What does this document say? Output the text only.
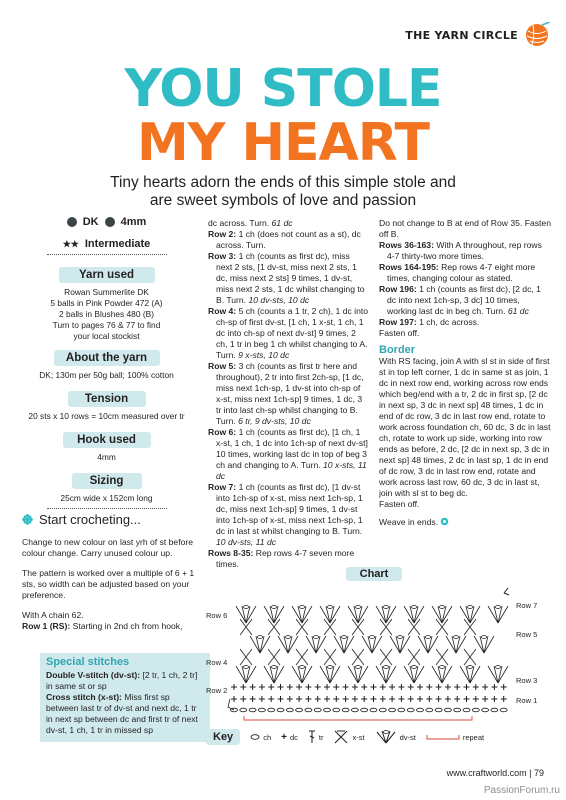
THE YARN CIRCLE
YOU STOLE
MY HEART
Tiny hearts adorn the ends of this simple stole and
are sweet symbols of love and passion
DK 4mm
★★ Intermediate
Yarn used
Rowan Summerlite DK
5 balls in Pink Powder 472 (A)
2 balls in Blushes 480 (B)
Turn to pages 76 & 77 to find
your local stockist
About the yarn
DK; 130m per 50g ball; 100% cotton
Tension
20 sts x 10 rows = 10cm measured over tr
Hook used
4mm
Sizing
25cm wide x 152cm long
Start crocheting...

Change to new colour on last yrh of st before colour change. Carry unused colour up.

The pattern is worked over a multiple of 6 + 1 sts, so width can be adjusted based on your preference.

With A chain 62.

Row 1 (RS): Starting in 2nd ch from hook,
Special stitches
Double V-stitch (dv-st): [2 tr, 1 ch, 2 tr] in same st or sp
Cross stitch (x-st): Miss first sp between last tr of dv-st and next dc, 1 tr in next sp between dc and first tr of next dv-st, 1 ch, 1 tr in missed sp

dc across. Turn. 61 dc

Row 2: 1 ch (does not count as a st), dc across. Turn.

Row 3: 1 ch (counts as first dc), miss next 2 sts, [1 dv-st, miss next 2 sts, 1 dc, miss next 2 sts] 9 times, 1 dv-st, miss next 2 sts, 1 dc whilst changing to B. Turn. 10 dv-sts, 10 dc

Row 4: 5 ch (counts a 1 tr, 2 ch), 1 dc into ch-sp of first dv-st, [1 ch, 1 x-st, 1 ch, 1 dc into ch-sp of next dv-st] 9 times, 2 ch, 1 tr in beg 1 ch whilst changing to A. Turn. 9 x-sts, 10 dc

Row 5: 3 ch (counts as first tr here and throughout), 2 tr into first 2ch-sp, [1 dc, miss next 1ch-sp, 1 dv-st into ch-sp of x-st, miss next 1ch-sp] 9 times, 1 dc, 3 tr into last ch-sp whilst changing to B. Turn. 6 tr, 9 dv-sts, 10 dc

Row 6: 1 ch (counts as first dc), [1 ch, 1 x-st, 1 ch, 1 dc into 1ch-sp of next dv-st] 10 times, working last dc in top of beg 3 ch and changing to A. Turn. 10 x-sts, 11 dc

Row 7: 1 ch (counts as first dc), [1 dv-st into 1ch-sp of x-st, miss next 1ch-sp, 1 dc, miss next 1ch-sp] 9 times, 1 dv-st into 1ch-sp of x-st, miss next 1ch-sp, 1 dc in last st whilst changing to B. Turn. 10 dv-sts, 11 dc

Rows 8-35: Rep rows 4-7 seven more times.

Do not change to B at end of Row 35. Fasten off B.

Rows 36-163: With A throughout, rep rows 4-7 thirty-two more times.

Rows 164-195: Rep rows 4-7 eight more times, changing colour as stated.

Row 196: 1 ch (counts as first dc), [2 dc, 1 dc into next 1ch-sp, 3 dc] 10 times, working last dc in beg ch. Turn. 61 dc

Row 197: 1 ch, dc across.

Fasten off.

Border

With RS facing, join A with sl st in side of first st in top left corner, 1 dc in same st as join, 1 dc in next row end, working across row ends which beg/end with a tr, 2 dc in first sp, [2 dc in next sp, 3 dc in next sp] 48 times, 1 dc in end of dc row, 3 dc in last row end, rotate to work across foundation ch, 60 dc, 3 dc in last ch, rotate to work up side, working into row ends as before, 2 dc, [2 dc in next sp, 3 dc in next sp] 48 times, 2 dc in last sp, 1 dc in end of dc row, 3 dc in last row end, rotate and work across last row, 60 dc, 3 dc in last st, join with sl st to beg dc.

Fasten off.

Weave in ends.

Chart
Row 6
Row 4
Row 2
Row 7
Row 5
Row 3
Row 1
Key	ch + dc	tr	x-st	dv-st	repeat
www.craftworld.com | 79
PassionForum.ru
